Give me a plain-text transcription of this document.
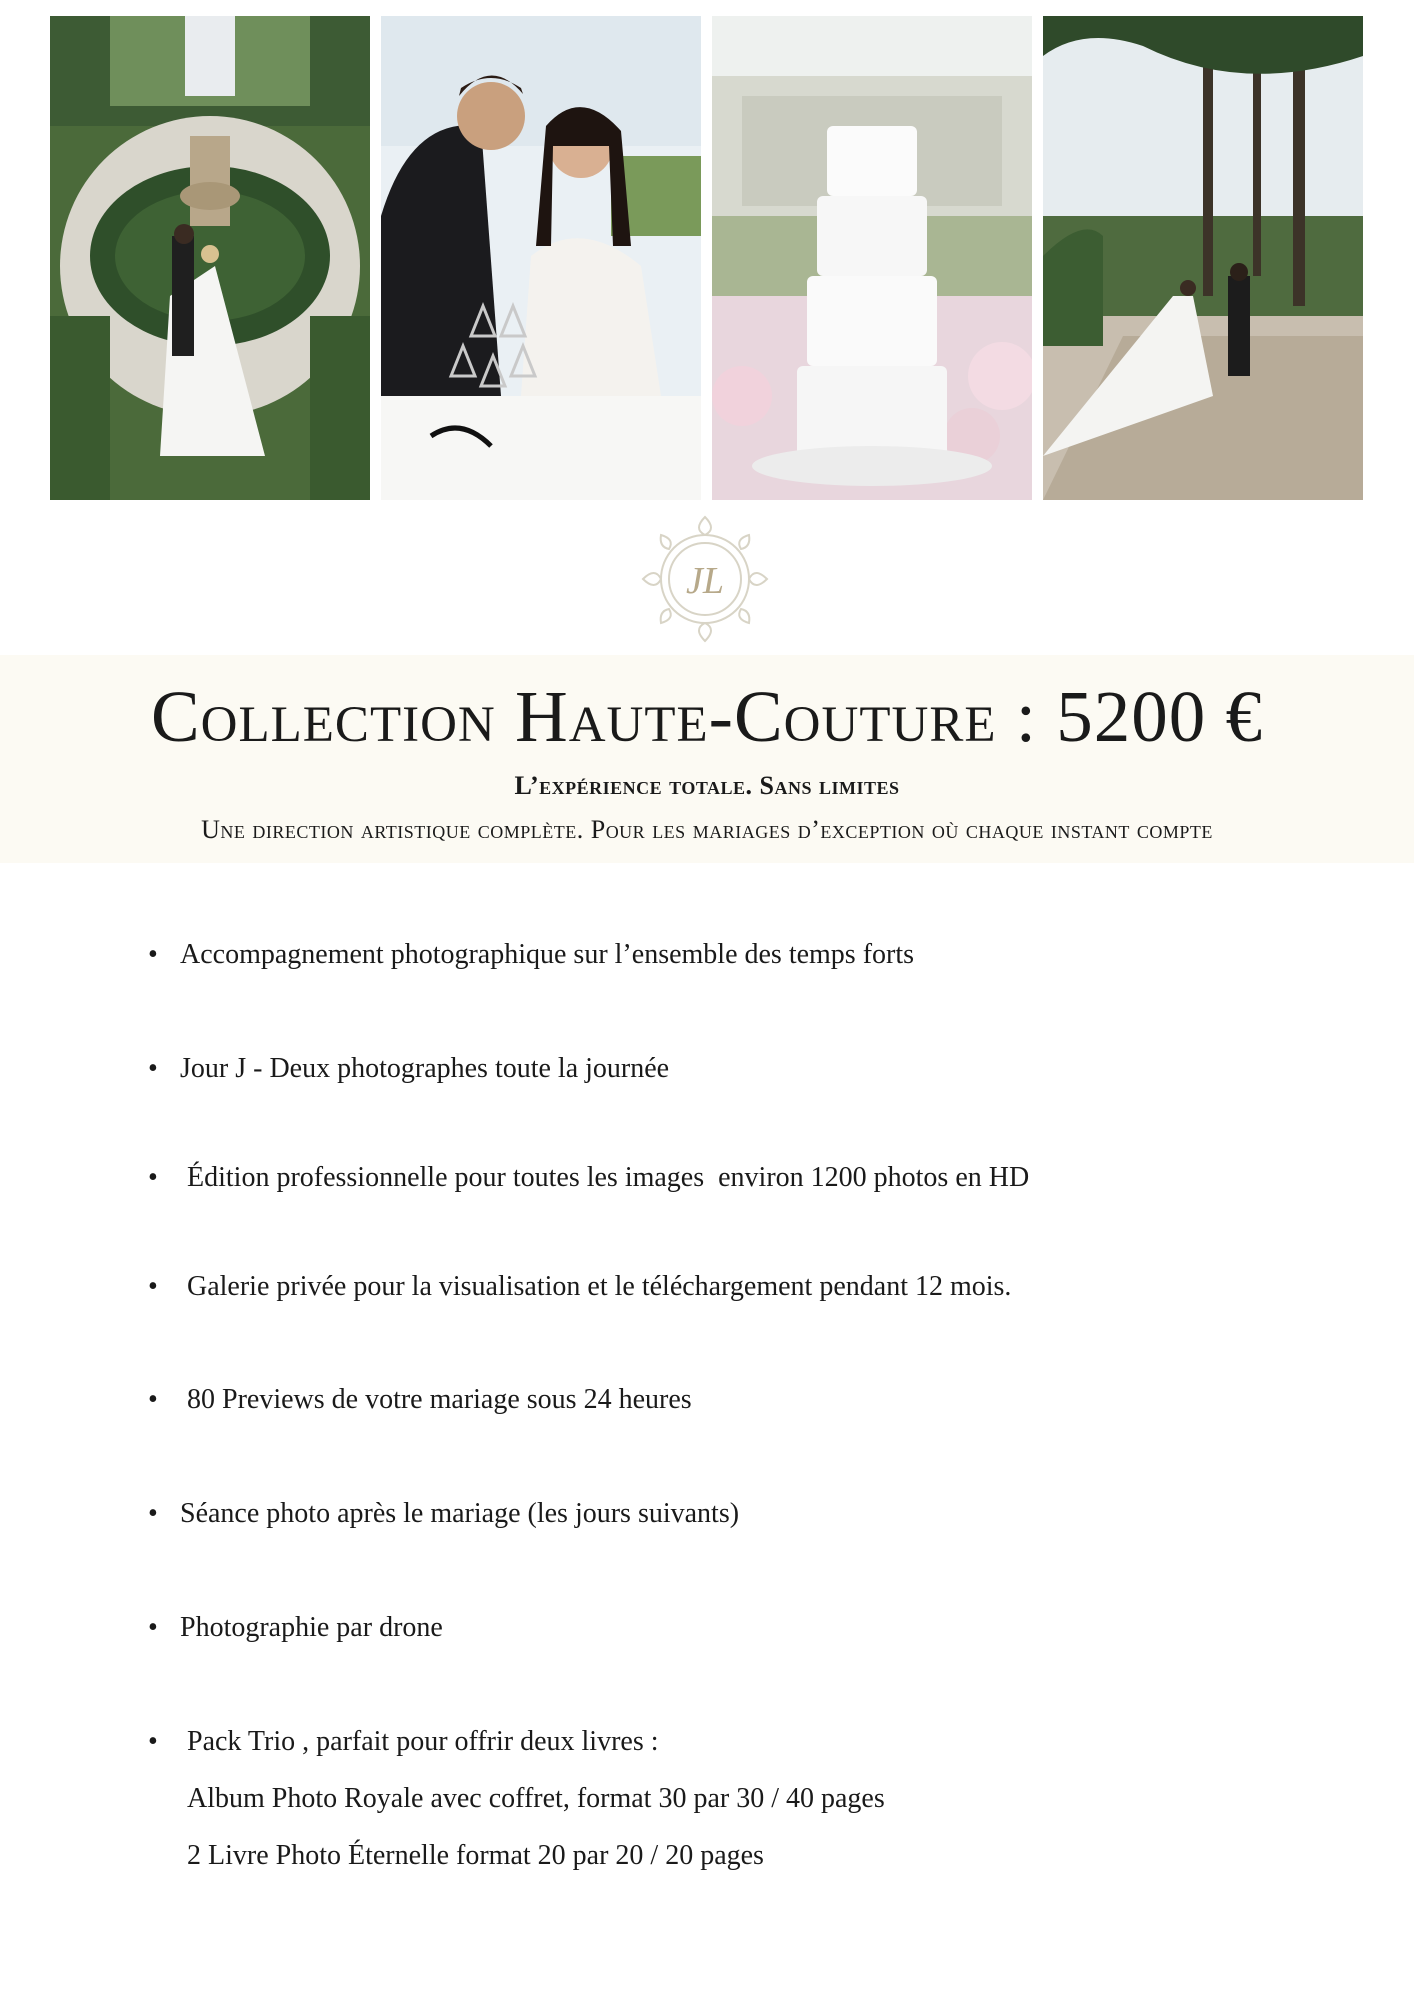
JL
Collection Haute-Couture : 5200 €
L’expérience totale. Sans limites
Une direction artistique complète. Pour les mariages d’exception où chaque instant compte
• Accompagnement photographique sur l’ensemble des temps forts
• Jour J - Deux photographes toute la journée
• Édition professionnelle pour toutes les images  environ 1200 photos en HD
• Galerie privée pour la visualisation et le téléchargement pendant 12 mois.
• 80 Previews de votre mariage sous 24 heures
• Séance photo après le mariage (les jours suivants)
• Photographie par drone
• Pack Trio , parfait pour offrir deux livres :
Album Photo Royale avec coffret, format 30 par 30 / 40 pages
2 Livre Photo Éternelle format 20 par 20 / 20 pages
